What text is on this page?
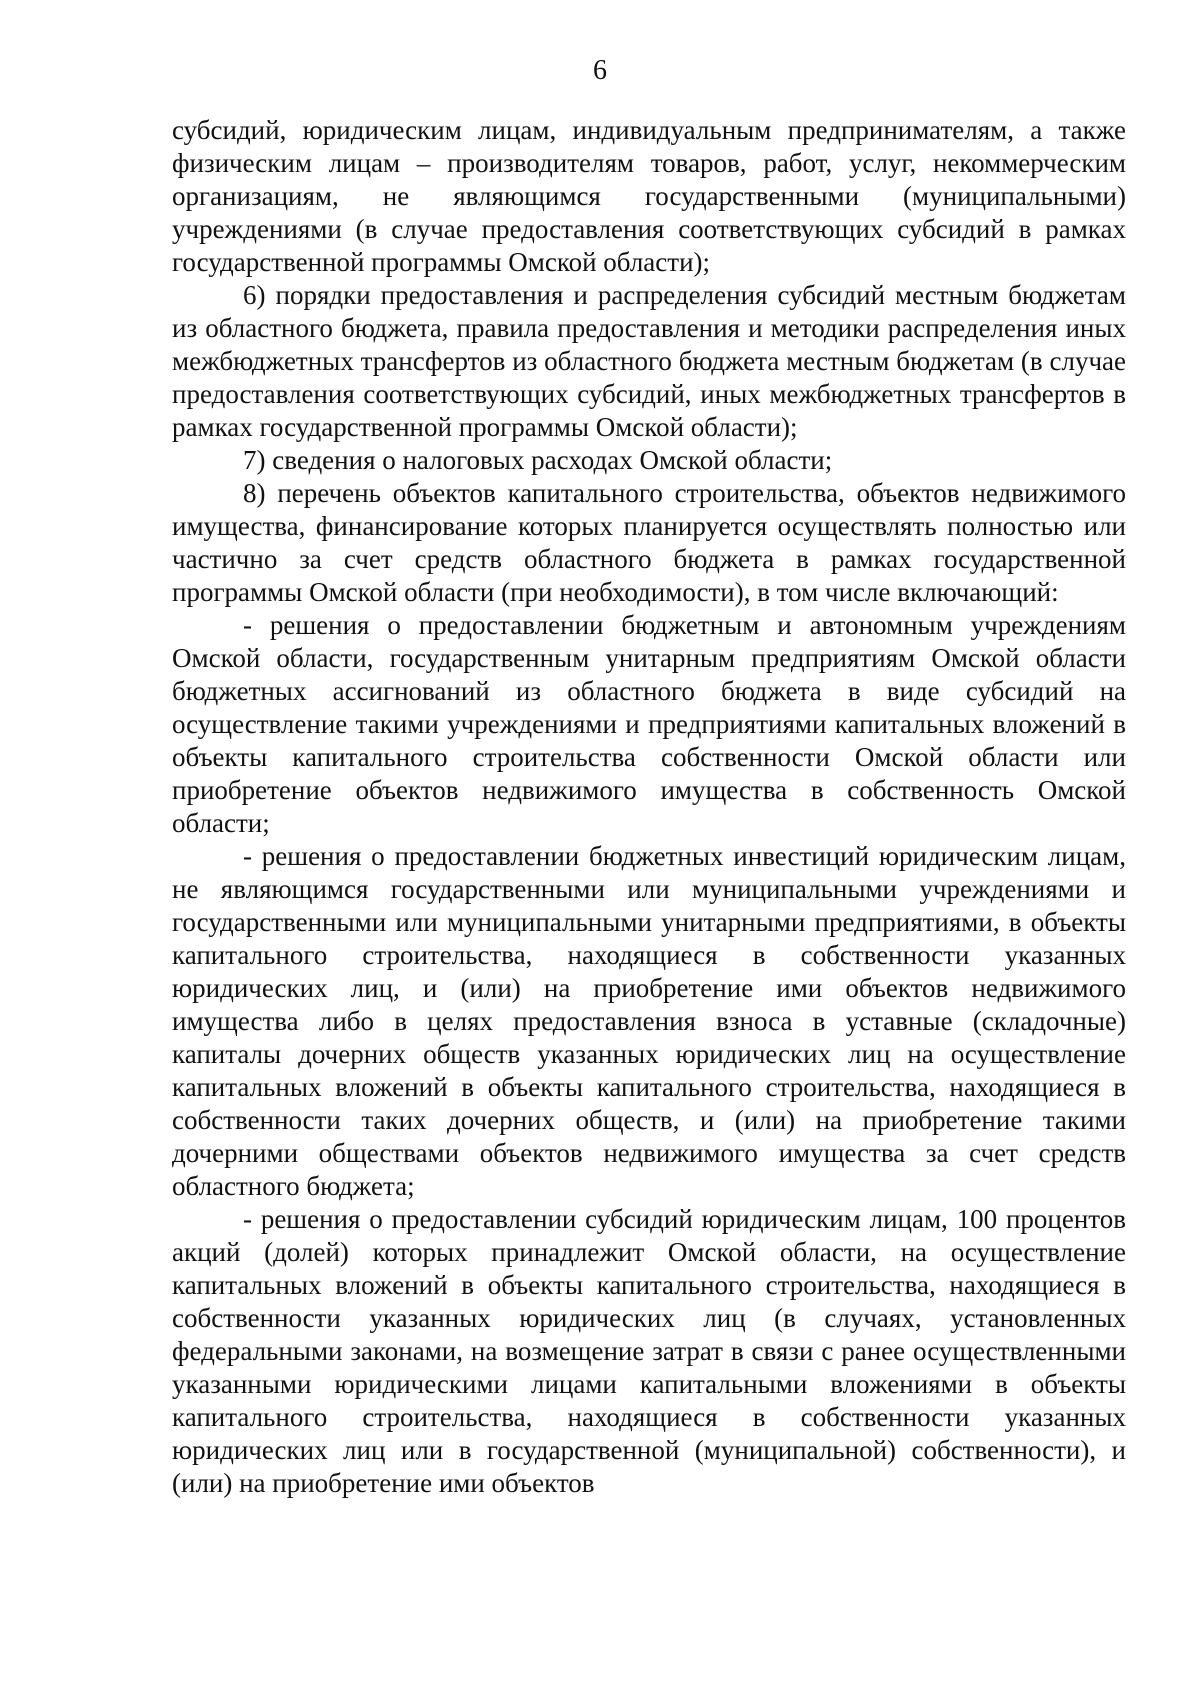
6

субсидий, юридическим лицам, индивидуальным предпринимателям, а также физическим лицам – производителям товаров, работ, услуг, некоммерческим организациям, не являющимся государственными (муниципальными) учреждениями (в случае предоставления соответствующих субсидий в рамках государственной программы Омской области);

6) порядки предоставления и распределения субсидий местным бюджетам из областного бюджета, правила предоставления и методики распределения иных межбюджетных трансфертов из областного бюджета местным бюджетам (в случае предоставления соответствующих субсидий, иных межбюджетных трансфертов в рамках государственной программы Омской области);

7) сведения о налоговых расходах Омской области;

8) перечень объектов капитального строительства, объектов недвижимого имущества, финансирование которых планируется осуществлять полностью или частично за счет средств областного бюджета в рамках государственной программы Омской области (при необходимости), в том числе включающий:

- решения о предоставлении бюджетным и автономным учреждениям Омской области, государственным унитарным предприятиям Омской области бюджетных ассигнований из областного бюджета в виде субсидий на осуществление такими учреждениями и предприятиями капитальных вложений в объекты капитального строительства собственности Омской области или приобретение объектов недвижимого имущества в собственность Омской области;

- решения о предоставлении бюджетных инвестиций юридическим лицам, не являющимся государственными или муниципальными учреждениями и государственными или муниципальными унитарными предприятиями, в объекты капитального строительства, находящиеся в собственности указанных юридических лиц, и (или) на приобретение ими объектов недвижимого имущества либо в целях предоставления взноса в уставные (складочные) капиталы дочерних обществ указанных юридических лиц на осуществление капитальных вложений в объекты капитального строительства, находящиеся в собственности таких дочерних обществ, и (или) на приобретение такими дочерними обществами объектов недвижимого имущества за счет средств областного бюджета;

- решения о предоставлении субсидий юридическим лицам, 100 процентов акций (долей) которых принадлежит Омской области, на осуществление капитальных вложений в объекты капитального строительства, находящиеся в собственности указанных юридических лиц (в случаях, установленных федеральными законами, на возмещение затрат в связи с ранее осуществленными указанными юридическими лицами капитальными вложениями в объекты капитального строительства, находящиеся в собственности указанных юридических лиц или в государственной (муниципальной) собственности), и (или) на приобретение ими объектов
